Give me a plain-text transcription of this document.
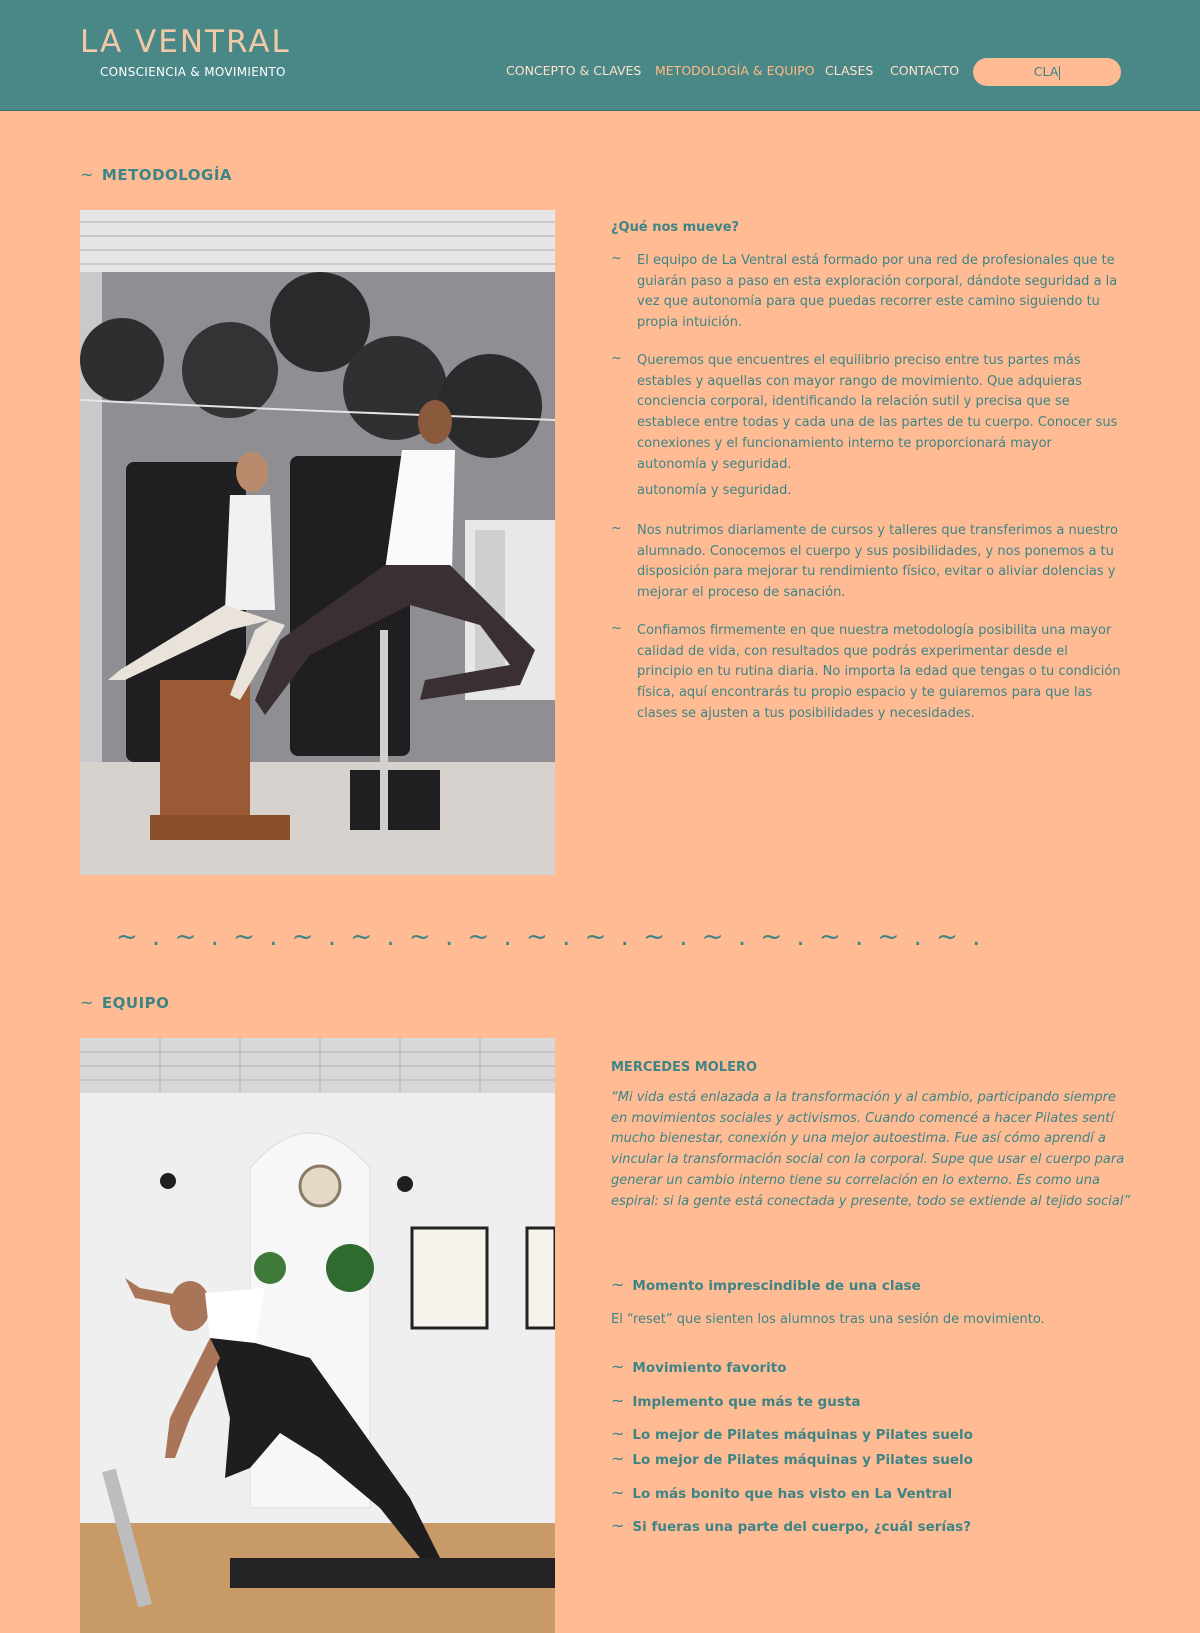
LA VENTRAL
CONSCIENCIA & MOVIMIENTO	CONCEPTO & CLAVES METODOLOGÍA & EQUIPO CLASES CONTACTO	CLA
~ METODOLOGÍA
¿Qué nos mueve?
~ El equipo de La Ventral está formado por una red de profesionales que te guiarán paso a paso en esta exploración corporal, dándote seguridad a la vez que autonomía para que puedas recorrer este camino siguiendo tu propia intuición.
~ Queremos que encuentres el equilibrio preciso entre tus partes más estables y aquellas con mayor rango de movimiento. Que adquieras conciencia corporal, identificando la relación sutil y precisa que se establece entre todas y cada una de las partes de tu cuerpo. Conocer sus conexiones y el funcionamiento interno te proporcionará mayor autonomía y seguridad.
autonomía y seguridad.
~ Nos nutrimos diariamente de cursos y talleres que transferimos a nuestro alumnado. Conocemos el cuerpo y sus posibilidades, y nos ponemos a tu disposición para mejorar tu rendimiento físico, evitar o aliviar dolencias y mejorar el proceso de sanación.
~ Confiamos firmemente en que nuestra metodología posibilita una mayor calidad de vida, con resultados que podrás experimentar desde el principio en tu rutina diaria. No importa la edad que tengas o tu condición física, aquí encontrarás tu propio espacio y te guiaremos para que las clases se ajusten a tus posibilidades y necesidades.
~ . ~ . ~ . ~ . ~ . ~ . ~ . ~ . ~ . ~ . ~ . ~ . ~ . ~ . ~ .
~ EQUIPO
MERCEDES MOLERO
“Mi vida está enlazada a la transformación y al cambio, participando siempre en movimientos sociales y activismos. Cuando comencé a hacer Pilates sentí mucho bienestar, conexión y una mejor autoestima. Fue así cómo aprendí a vincular la transformación social con la corporal. Supe que usar el cuerpo para generar un cambio interno tiene su correlación en lo externo. Es como una espiral: si la gente está conectada y presente, todo se extiende al tejido social”
~ Momento imprescindible de una clase
El “reset” que sienten los alumnos tras una sesión de movimiento.
~ Movimiento favorito
~ Implemento que más te gusta
~ Lo mejor de Pilates máquinas y Pilates suelo
~ Lo mejor de Pilates máquinas y Pilates suelo
~ Lo más bonito que has visto en La Ventral
~ Si fueras una parte del cuerpo, ¿cuál serías?
